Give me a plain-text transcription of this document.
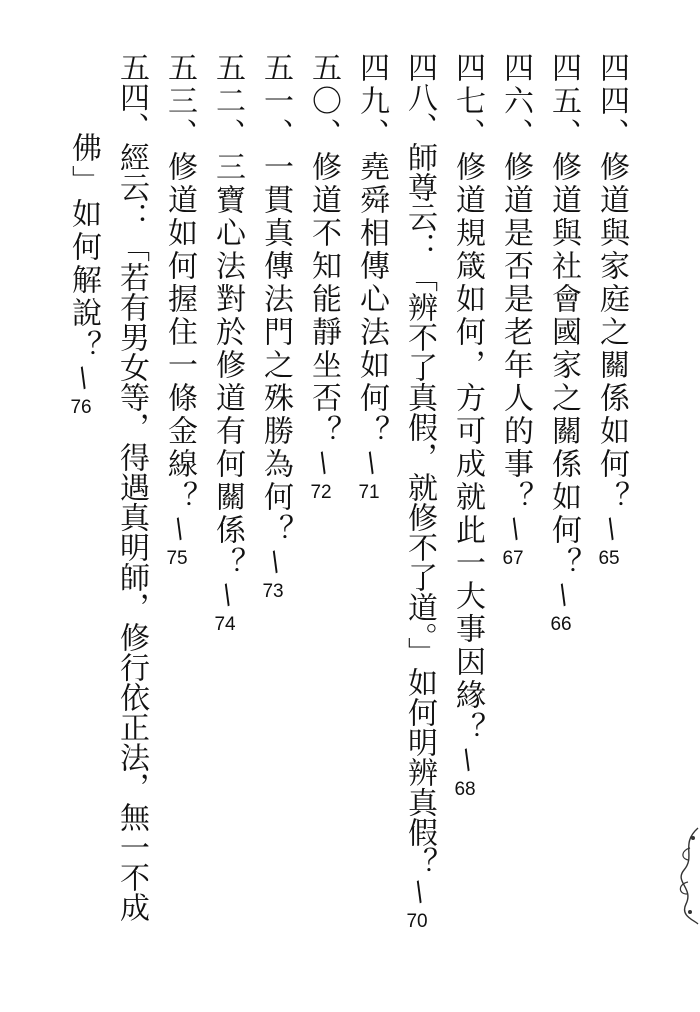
四四、修道與家庭之關係如何？/65
四五、修道與社會國家之關係如何？/66
四六、修道是否是老年人的事？/67
四七、修道規箴如何，方可成就此一大事因緣？/68
四八、師尊云：「辨不了真假，就修不了道。」如何明辨真假？/70
四九、堯舜相傳心法如何？/71
五〇、修道不知能靜坐否？/72
五一、一貫真傳法門之殊勝為何？/73
五二、三寶心法對於修道有何關係？/74
五三、修道如何握住一條金線？/75
五四、經云：「若有男女等，得遇真明師，修行依正法，無一不成
佛」如何解說？/76
